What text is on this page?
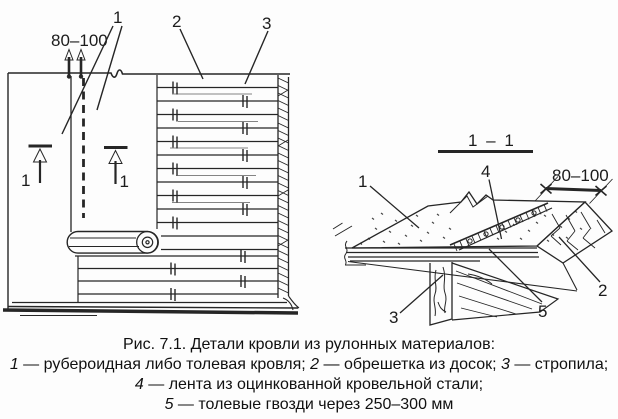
80–100
1	1
1	2	3
1 – 1
80–100
1
4
2
5
3
Рис. 7.1. Детали кровли из рулонных материалов:
1 — рубероидная либо толевая кровля; 2 — обрешетка из досок; 3 — стропила;
4 — лента из оцинкованной кровельной стали;
5 — толевые гвозди через 250–300 мм
